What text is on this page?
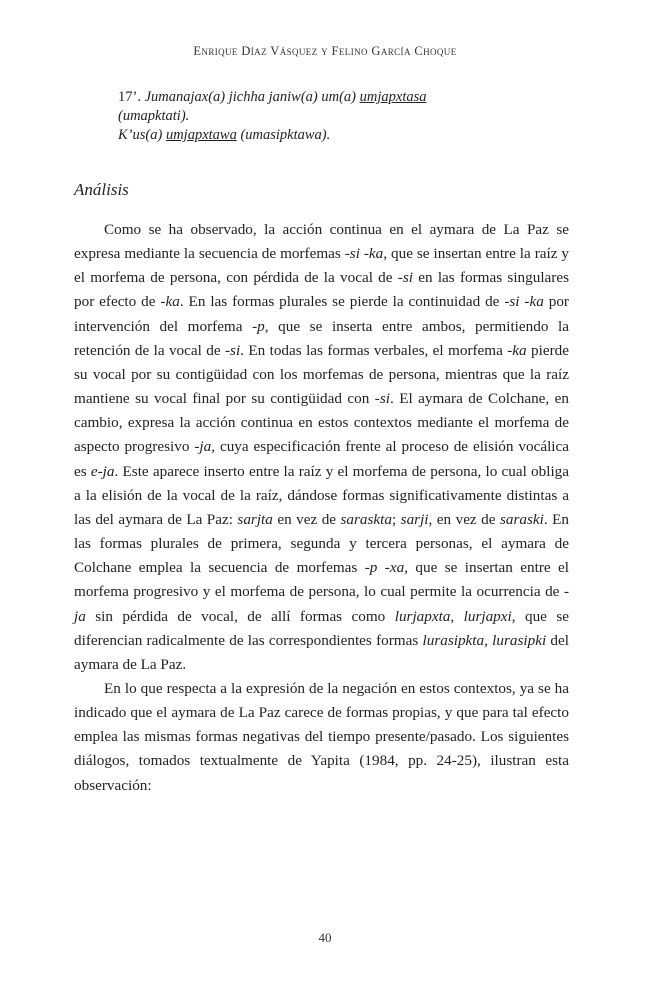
Enrique Díaz Vásquez y Felino García Choque
17’. Jumanajax(a) jichha janiw(a) um(a) umjapxtasa
(umapktati).
K’us(a) umjapxtawa (umasipktawa).
Análisis

Como se ha observado, la acción continua en el aymara de La Paz se expresa mediante la secuencia de morfemas -si -ka, que se insertan entre la raíz y el morfema de persona, con pérdida de la vocal de -si en las formas singulares por efecto de -ka. En las formas plurales se pierde la continuidad de -si -ka por intervención del morfema -p, que se inserta entre ambos, permitiendo la retención de la vocal de -si. En todas las formas verbales, el morfema -ka pierde su vocal por su contigüidad con los morfemas de persona, mientras que la raíz mantiene su vocal final por su contigüidad con -si. El aymara de Colchane, en cambio, expresa la acción continua en estos contextos mediante el morfema de aspecto progresivo -ja, cuya especificación frente al proceso de elisión vocálica es e-ja. Este aparece inserto entre la raíz y el morfema de persona, lo cual obliga a la elisión de la vocal de la raíz, dándose formas significativamente distintas a las del aymara de La Paz: sarjta en vez de saraskta; sarji, en vez de saraski. En las formas plurales de primera, segunda y tercera personas, el aymara de Colchane emplea la secuencia de morfemas -p -xa, que se insertan entre el morfema progresivo y el morfema de persona, lo cual permite la ocurrencia de -ja sin pérdida de vocal, de allí formas como lurjapxta, lurjapxi, que se diferencian radicalmente de las correspondientes formas lurasipkta, lurasipki del aymara de La Paz.

En lo que respecta a la expresión de la negación en estos contextos, ya se ha indicado que el aymara de La Paz carece de formas propias, y que para tal efecto emplea las mismas formas negativas del tiempo presente/pasado. Los siguientes diálogos, tomados textualmente de Yapita (1984, pp. 24-25), ilustran esta observación:

40
